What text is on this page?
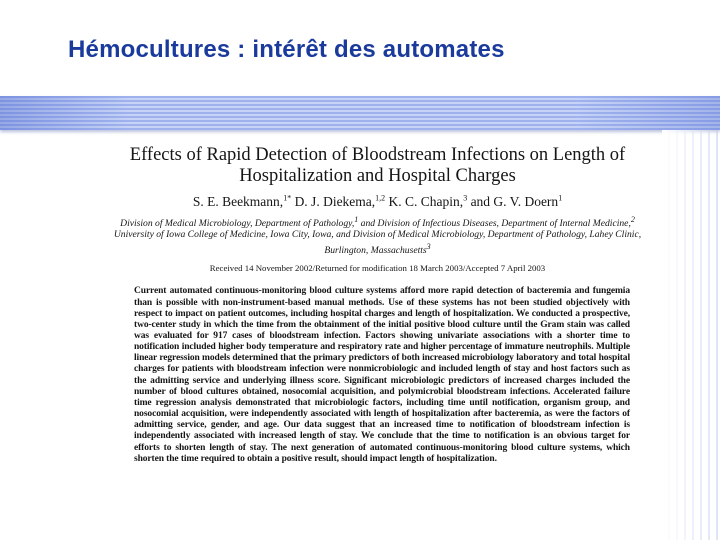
Hémocultures : intérêt des automates
Effects of Rapid Detection of Bloodstream Infections on Length of Hospitalization and Hospital Charges
S. E. Beekmann,$^{1*}$ D. J. Diekema,$^{1,2}$ K. C. Chapin,$^3$ and G. V. Doern$^1$
Division of Medical Microbiology, Department of Pathology,$^1$ and Division of Infectious Diseases, Department of Internal Medicine,$^2$ University of Iowa College of Medicine, Iowa City, Iowa, and Division of Medical Microbiology, Department of Pathology, Lahey Clinic, Burlington, Massachusetts$^3$
Received 14 November 2002/Returned for modification 18 March 2003/Accepted 7 April 2003

Current automated continuous-monitoring blood culture systems afford more rapid detection of bacteremia and fungemia than is possible with non-instrument-based manual methods. Use of these systems has not been studied objectively with respect to impact on patient outcomes, including hospital charges and length of hospitalization. We conducted a prospective, two-center study in which the time from the obtainment of the initial positive blood culture until the Gram stain was called was evaluated for 917 cases of bloodstream infection. Factors showing univariate associations with a shorter time to notification included higher body temperature and respiratory rate and higher percentage of immature neutrophils. Multiple linear regression models determined that the primary predictors of both increased microbiology laboratory and total hospital charges for patients with bloodstream infection were nonmicrobiologic and included length of stay and host factors such as the admitting service and underlying illness score. Significant microbiologic predictors of increased charges included the number of blood cultures obtained, nosocomial acquisition, and polymicrobial bloodstream infections. Accelerated failure time regression analysis demonstrated that microbiologic factors, including time until notification, organism group, and nosocomial acquisition, were independently associated with length of hospitalization after bacteremia, as were the factors of admitting service, gender, and age. Our data suggest that an increased time to notification of bloodstream infection is independently associated with increased length of stay. We conclude that the time to notification is an obvious target for efforts to shorten length of stay. The next generation of automated continuous-monitoring blood culture systems, which shorten the time required to obtain a positive result, should impact length of hospitalization.
